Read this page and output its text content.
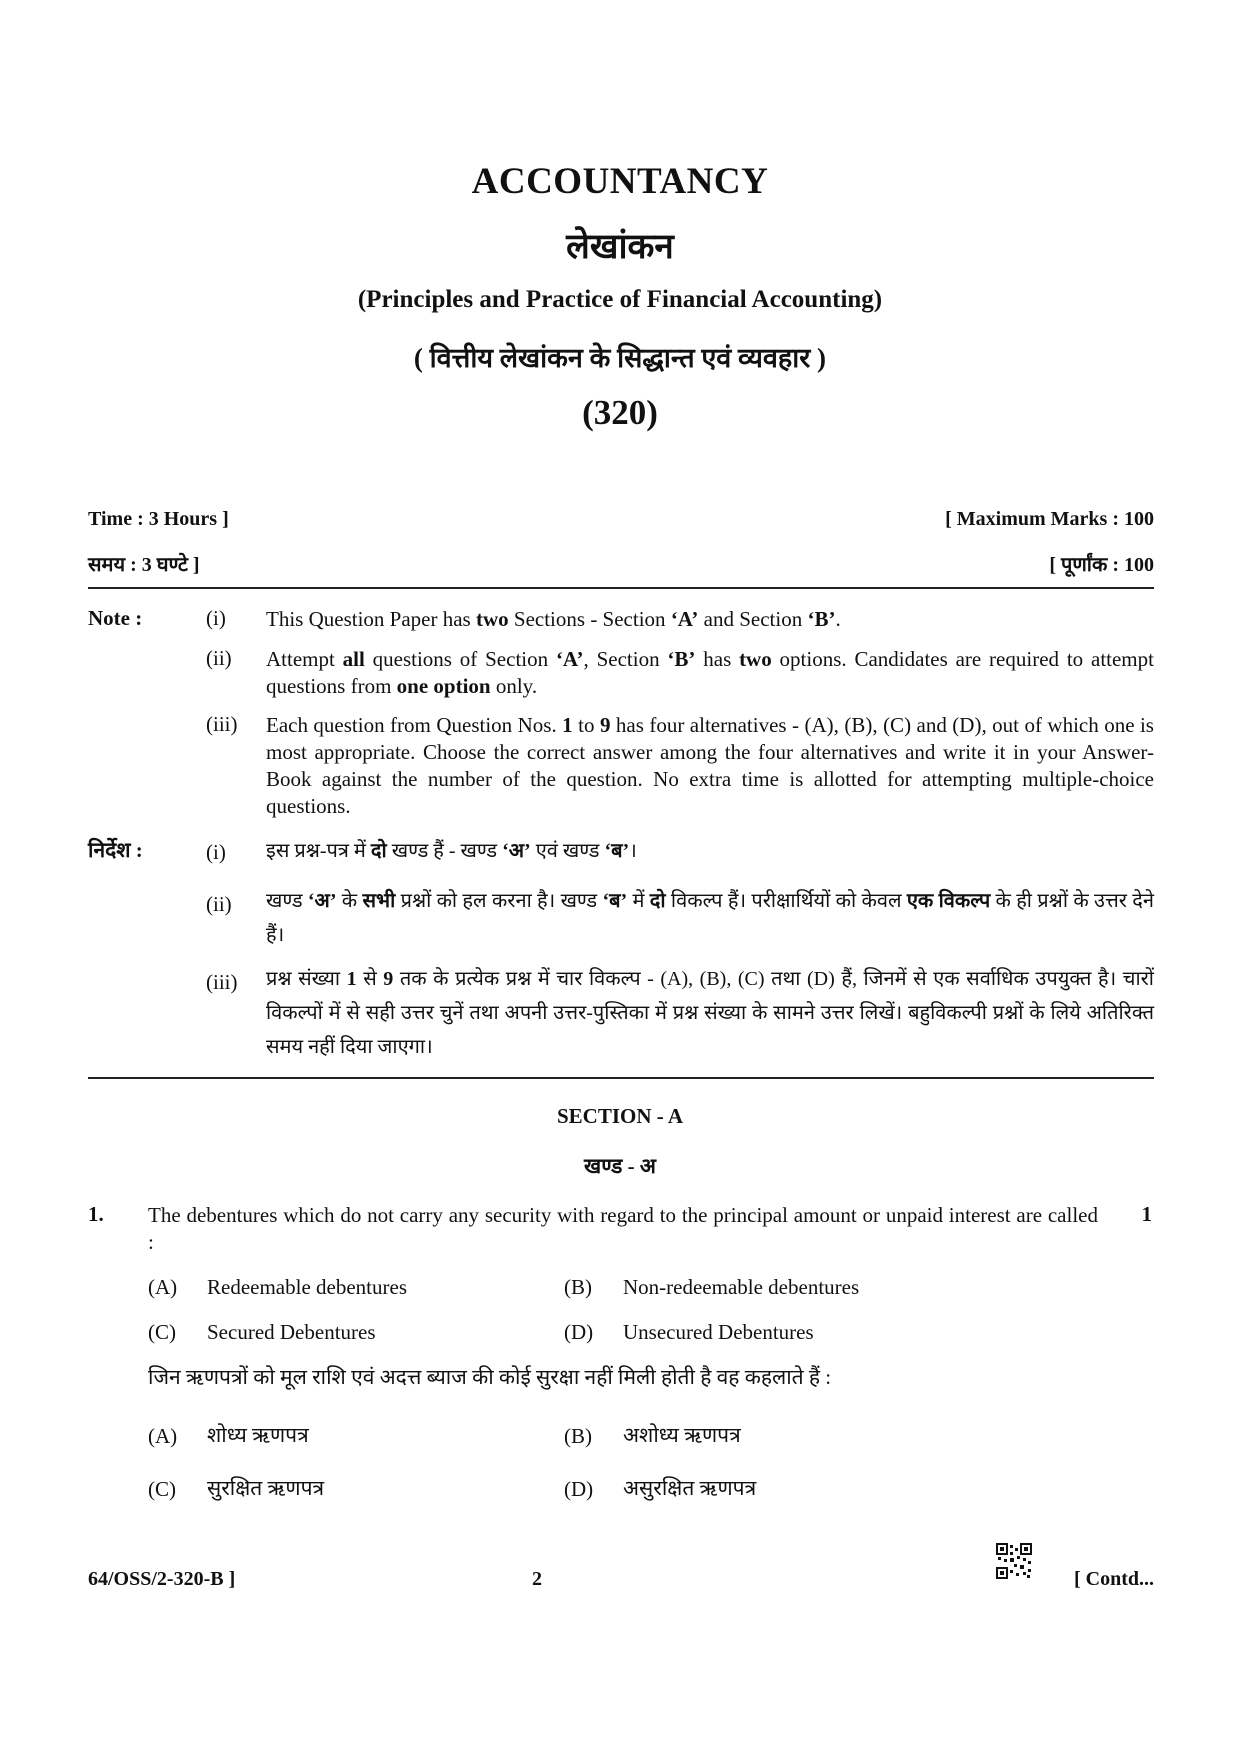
ACCOUNTANCY
लेखांकन
(Principles and Practice of Financial Accounting)
( वित्तीय लेखांकन के सिद्धान्त एवं व्यवहार )
(320)
Time : 3 Hours ]	[ Maximum Marks : 100
समय : 3 घण्टे ]	[ पूर्णांक : 100
Note :	(i) This Question Paper has two Sections - Section ‘A’ and Section ‘B’.
(ii) Attempt all questions of Section ‘A’, Section ‘B’ has two options. Candidates are required to attempt questions from one option only.
(iii) Each question from Question Nos. 1 to 9 has four alternatives - (A), (B), (C) and (D), out of which one is most appropriate. Choose the correct answer among the four alternatives and write it in your Answer-Book against the number of the question. No extra time is allotted for attempting multiple-choice questions.
निर्देश :	(i) इस प्रश्न-पत्र में दो खण्ड हैं - खण्ड ‘अ’ एवं खण्ड ‘ब’।
(ii) खण्ड ‘अ’ के सभी प्रश्नों को हल करना है। खण्ड ‘ब’ में दो विकल्प हैं। परीक्षार्थियों को केवल एक विकल्प के ही प्रश्नों के उत्तर देने हैं।
(iii) प्रश्न संख्या 1 से 9 तक के प्रत्येक प्रश्न में चार विकल्प - (A), (B), (C) तथा (D) हैं, जिनमें से एक सर्वाधिक उपयुक्त है। चारों विकल्पों में से सही उत्तर चुनें तथा अपनी उत्तर-पुस्तिका में प्रश्न संख्या के सामने उत्तर लिखें। बहुविकल्पी प्रश्नों के लिये अतिरिक्त समय नहीं दिया जाएगा।
SECTION - A
खण्ड - अ
1. The debentures which do not carry any security with regard to the principal amount or unpaid interest are called :
1
(A) Redeemable debentures	(B) Non-redeemable debentures
(C) Secured Debentures	(D) Unsecured Debentures
जिन ऋणपत्रों को मूल राशि एवं अदत्त ब्याज की कोई सुरक्षा नहीं मिली होती है वह कहलाते हैं :
(A) शोध्य ऋणपत्र	(B) अशोध्य ऋणपत्र
(C) सुरक्षित ऋणपत्र	(D) असुरक्षित ऋणपत्र
64/OSS/2-320-B ]	2	[ Contd...
